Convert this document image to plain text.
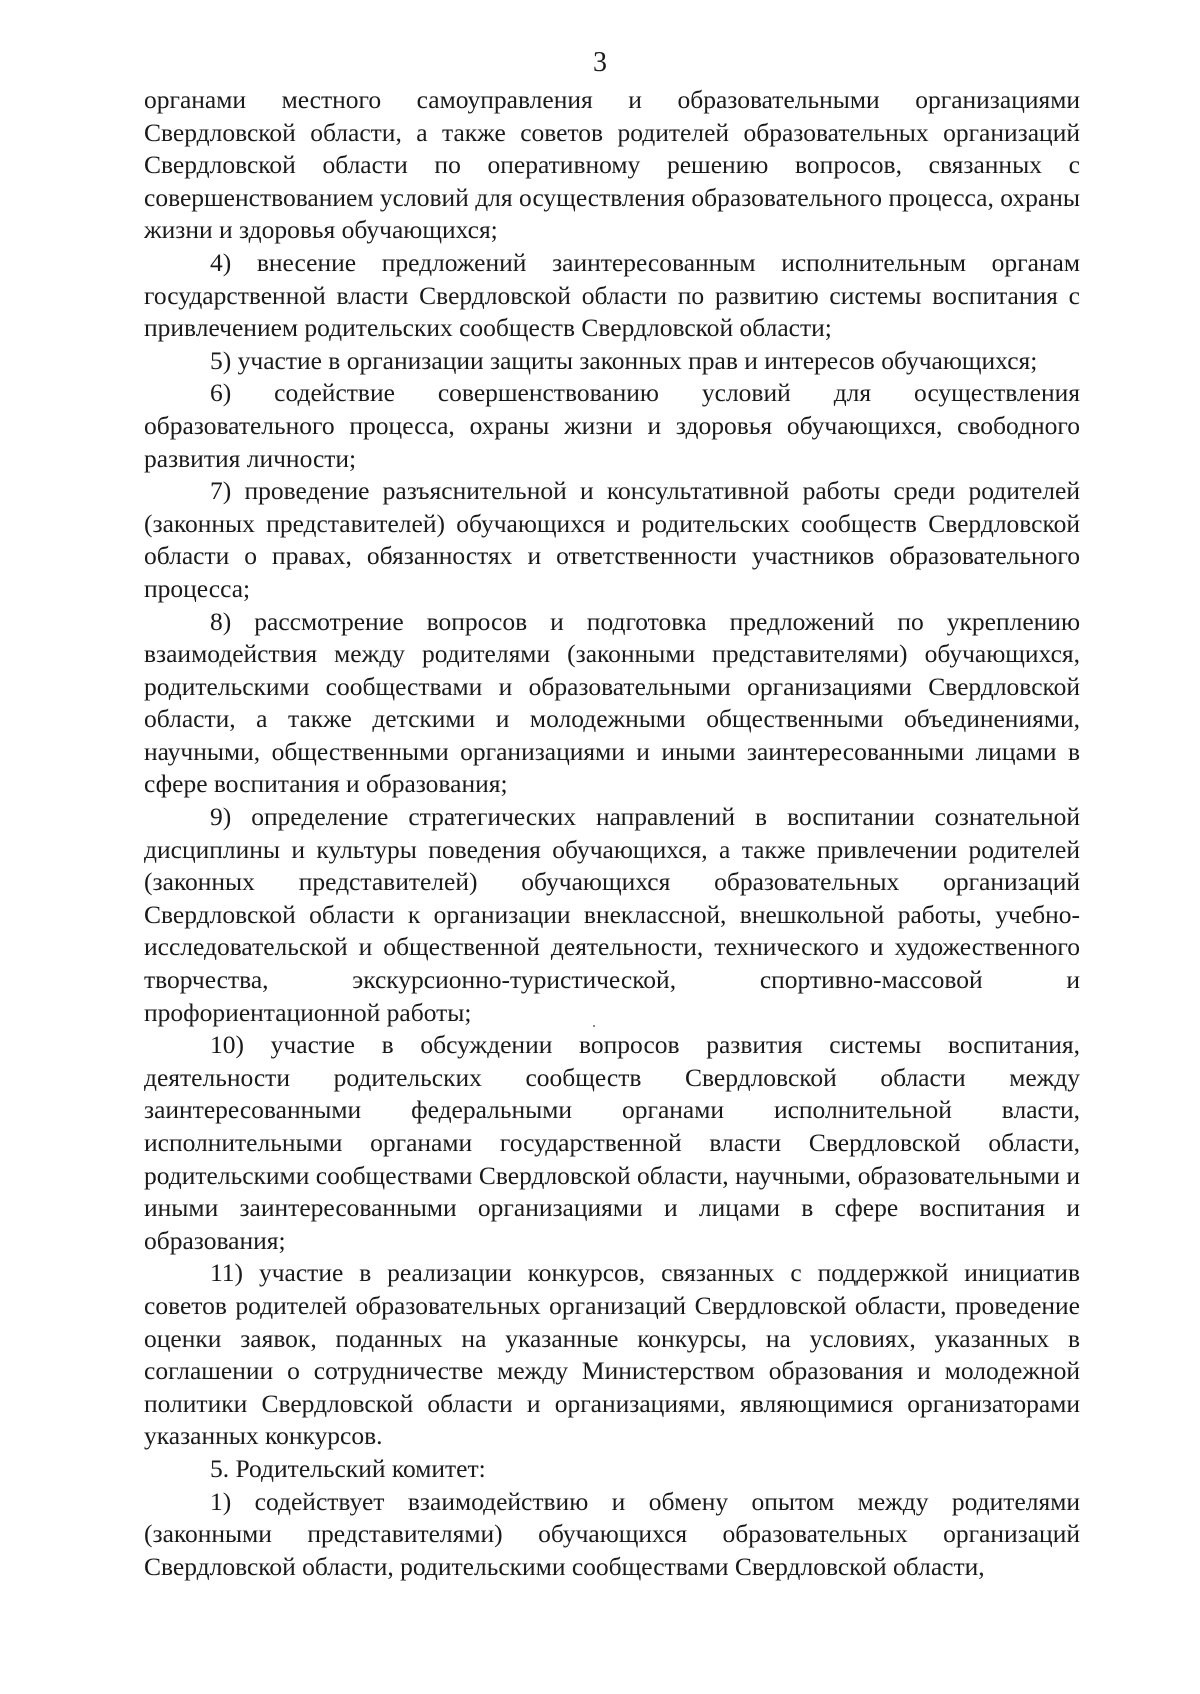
3

органами местного самоуправления и образовательными организациями Свердловской области, а также советов родителей образовательных организаций Свердловской области по оперативному решению вопросов, связанных с совершенствованием условий для осуществления образовательного процесса, охраны жизни и здоровья обучающихся;

4) внесение предложений заинтересованным исполнительным органам государственной власти Свердловской области по развитию системы воспитания с привлечением родительских сообществ Свердловской области;

5) участие в организации защиты законных прав и интересов обучающихся;

6) содействие совершенствованию условий для осуществления образовательного процесса, охраны жизни и здоровья обучающихся, свободного развития личности;

7) проведение разъяснительной и консультативной работы среди родителей (законных представителей) обучающихся и родительских сообществ Свердловской области о правах, обязанностях и ответственности участников образовательного процесса;

8) рассмотрение вопросов и подготовка предложений по укреплению взаимодействия между родителями (законными представителями) обучающихся, родительскими сообществами и образовательными организациями Свердловской области, а также детскими и молодежными общественными объединениями, научными, общественными организациями и иными заинтересованными лицами в сфере воспитания и образования;

9) определение стратегических направлений в воспитании сознательной дисциплины и культуры поведения обучающихся, а также привлечении родителей (законных представителей) обучающихся образовательных организаций Свердловской области к организации внеклассной, внешкольной работы, учебно-исследовательской и общественной деятельности, технического и художественного творчества, экскурсионно-туристической, спортивно-массовой и профориентационной работы;

10) участие в обсуждении вопросов развития системы воспитания, деятельности родительских сообществ Свердловской области между заинтересованными федеральными органами исполнительной власти, исполнительными органами государственной власти Свердловской области, родительскими сообществами Свердловской области, научными, образовательными и иными заинтересованными организациями и лицами в сфере воспитания и образования;

11) участие в реализации конкурсов, связанных с поддержкой инициатив советов родителей образовательных организаций Свердловской области, проведение оценки заявок, поданных на указанные конкурсы, на условиях, указанных в соглашении о сотрудничестве между Министерством образования и молодежной политики Свердловской области и организациями, являющимися организаторами указанных конкурсов.

5. Родительский комитет:

1) содействует взаимодействию и обмену опытом между родителями (законными представителями) обучающихся образовательных организаций Свердловской области, родительскими сообществами Свердловской области,
